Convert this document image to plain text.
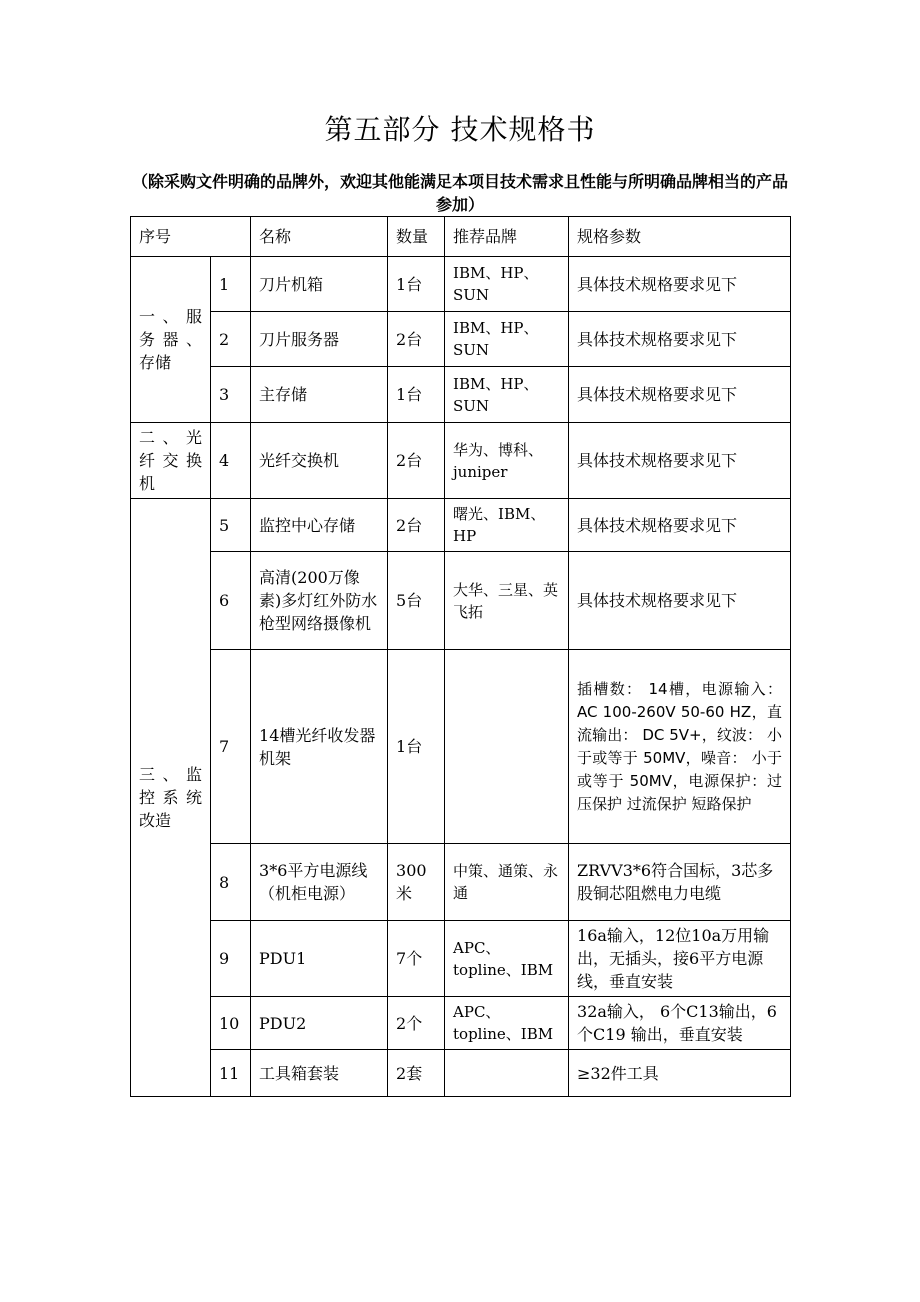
第五部分 技术规格书
（除采购文件明确的品牌外，欢迎其他能满足本项目技术需求且性能与所明确品牌相当的产品参加）
序号		名称	数量	推荐品牌	规格参数
一、服务器、存储	1	刀片机箱	1台	IBM、HP、SUN	具体技术规格要求见下
	2	刀片服务器	2台	IBM、HP、SUN	具体技术规格要求见下
	3	主存储	1台	IBM、HP、SUN	具体技术规格要求见下
二、光纤交换机	4	光纤交换机	2台	华为、博科、juniper	具体技术规格要求见下
三、监控系统改造	5	监控中心存储	2台	曙光、IBM、HP	具体技术规格要求见下
	6	高清(200万像素)多灯红外防水枪型网络摄像机	5台	大华、三星、英飞拓	具体技术规格要求见下
	7	14槽光纤收发器机架	1台		插槽数： 14槽，电源输入： AC 100-260V 50-60 HZ，直流输出： DC 5V+，纹波： 小于或等于 50MV，噪音： 小于或等于 50MV，电源保护：过压保护 过流保护 短路保护
	8	3*6平方电源线（机柜电源）	300米	中策、通策、永通	ZRVV3*6符合国标，3芯多股铜芯阻燃电力电缆
	9	PDU1	7个	APC、topline、IBM	16a输入，12位10a万用输出，无插头，接6平方电源线，垂直安装
	10	PDU2	2个	APC、topline、IBM	32a输入， 6个C13输出，6个C19 输出，垂直安装
	11	工具箱套装	2套		≥32件工具
